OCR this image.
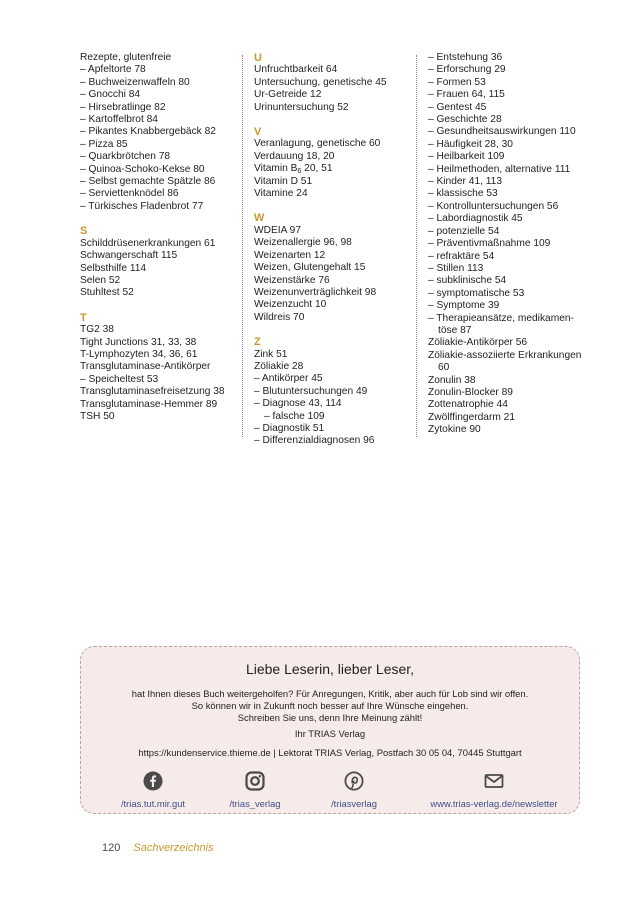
Rezepte, glutenfreie
– Apfeltorte 78
– Buchweizenwaffeln 80
– Gnocchi 84
– Hirsebratlinge 82
– Kartoffelbrot 84
– Pikantes Knabbergebäck 82
– Pizza 85
– Quarkbrötchen 78
– Quinoa-Schoko-Kekse 80
– Selbst gemachte Spätzle 86
– Serviettenknödel 86
– Türkisches Fladenbrot 77
S
Schilddrüsenerkrankungen 61
Schwangerschaft 115
Selbsthilfe 114
Selen 52
Stuhltest 52
T
TG2 38
Tight Junctions 31, 33, 38
T-Lymphozyten 34, 36, 61
Transglutaminase-Antikörper
– Speicheltest 53
Transglutaminasefreisetzung 38
Transglutaminase-Hemmer 89
TSH 50
U
Unfruchtbarkeit 64
Untersuchung, genetische 45
Ur-Getreide 12
Urinuntersuchung 52
V
Veranlagung, genetische 60
Verdauung 18, 20
Vitamin $B_6$ 20, 51
Vitamin D 51
Vitamine 24
W
WDEIA 97
Weizenallergie 96, 98
Weizenarten 12
Weizen, Glutengehalt 15
Weizenstärke 76
Weizenunverträglichkeit 98
Weizenzucht 10
Wildreis 70
Z
Zink 51
Zöliakie 28
– Antikörper 45
– Blutuntersuchungen 49
– Diagnose 43, 114
– falsche 109
– Diagnostik 51
– Differenzialdiagnosen 96
– Entstehung 36
– Erforschung 29
– Formen 53
– Frauen 64, 115
– Gentest 45
– Geschichte 28
– Gesundheitsauswirkungen 110
– Häufigkeit 28, 30
– Heilbarkeit 109
– Heilmethoden, alternative 111
– Kinder 41, 113
– klassische 53
– Kontrolluntersuchungen 56
– Labordiagnostik 45
– potenzielle 54
– Präventivmaßnahme 109
– refraktäre 54
– Stillen 113
– subklinische 54
– symptomatische 53
– Symptome 39
– Therapieansätze, medikamen-
töse 87
Zöliakie-Antikörper 56
Zöliakie-assoziierte Erkrankungen
60
Zonulin 38
Zonulin-Blocker 89
Zottenatrophie 44
Zwölffingerdarm 21
Zytokine 90
Liebe Leserin, lieber Leser,
hat Ihnen dieses Buch weitergeholfen? Für Anregungen, Kritik, aber auch für Lob sind wir offen.
So können wir in Zukunft noch besser auf Ihre Wünsche eingehen.
Schreiben Sie uns, denn Ihre Meinung zählt!
Ihr TRIAS Verlag
https://kundenservice.thieme.de | Lektorat TRIAS Verlag, Postfach 30 05 04, 70445 Stuttgart
/trias.tut.mir.gut	/trias_verlag	/triasverlag	www.trias-verlag.de/newsletter
120 Sachverzeichnis
